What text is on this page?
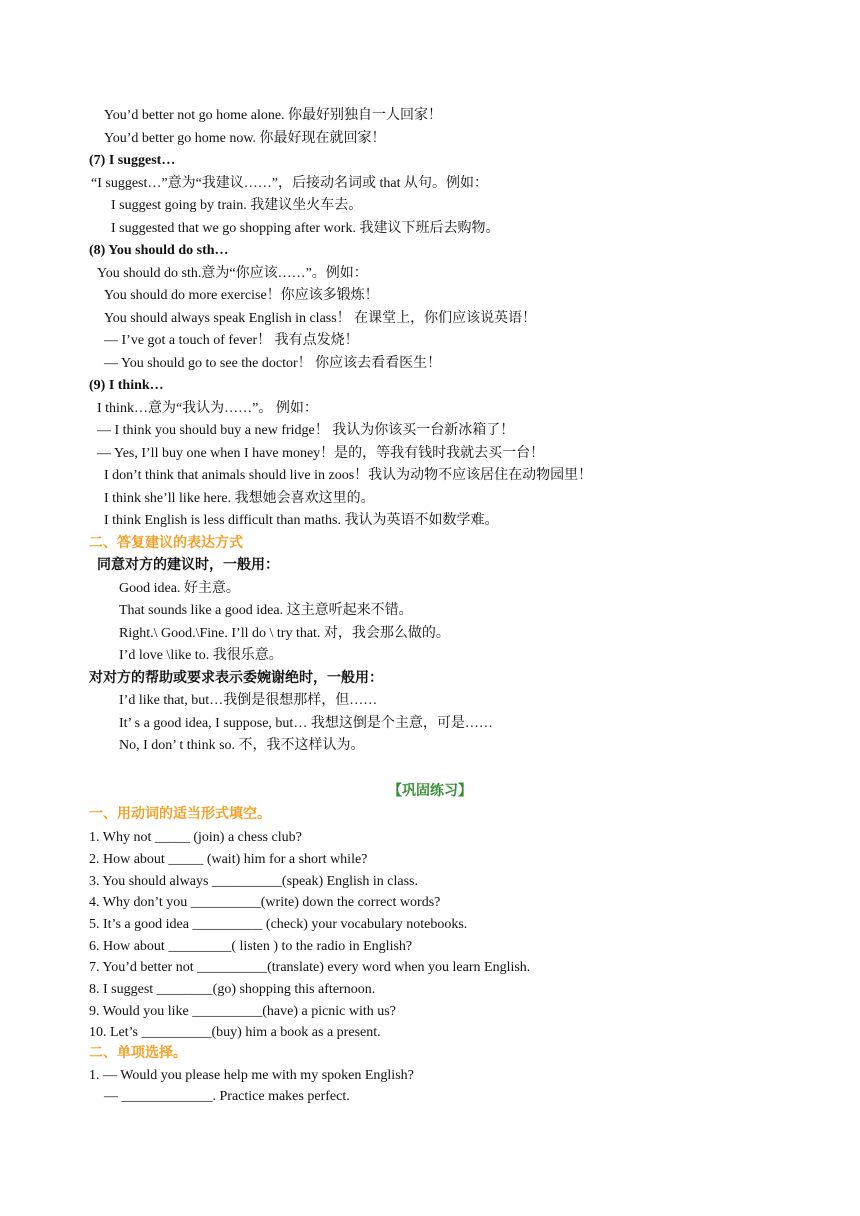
You’d better not go home alone. 你最好别独自一人回家！
You’d better go home now. 你最好现在就回家！
(7) I suggest…
“I suggest…”意为“我建议……”，后接动名词或 that 从句。例如：
I suggest going by train. 我建议坐火车去。
I suggested that we go shopping after work. 我建议下班后去购物。
(8) You should do sth…
You should do sth.意为“你应该……”。例如：
You should do more exercise！你应该多锻炼！
You should always speak English in class！ 在课堂上，你们应该说英语！
— I’ve got a touch of fever！ 我有点发烧！
— You should go to see the doctor！ 你应该去看看医生！
(9) I think…
I think…意为“我认为……”。 例如：
— I think you should buy a new fridge！ 我认为你该买一台新冰箱了！
— Yes, I’ll buy one when I have money！是的，等我有钱时我就去买一台！
I don’t think that animals should live in zoos！我认为动物不应该居住在动物园里！
I think she’ll like here. 我想她会喜欢这里的。
I think English is less difficult than maths. 我认为英语不如数学难。
二、答复建议的表达方式
同意对方的建议时，一般用：
Good idea. 好主意。
That sounds like a good idea. 这主意听起来不错。
Right.\ Good.\Fine. I’ll do \ try that. 对，我会那么做的。
I’d love \like to. 我很乐意。
对对方的帮助或要求表示委婉谢绝时，一般用：
I’d like that, but…我倒是很想那样，但……
It’ s a good idea, I suppose, but… 我想这倒是个主意，可是……
No, I don’ t think so. 不，我不这样认为。
【巩固练习】
一、用动词的适当形式填空。
1. Why not _____ (join) a chess club?
2. How about _____ (wait) him for a short while?
3. You should always __________(speak) English in class.
4. Why don’t you __________(write) down the correct words?
5. It’s a good idea __________ (check) your vocabulary notebooks.
6. How about _________( listen ) to the radio in English?
7. You’d better not __________(translate) every word when you learn English.
8. I suggest ________(go) shopping this afternoon.
9. Would you like __________(have) a picnic with us?
10. Let’s __________(buy) him a book as a present.
二、单项选择。
1. — Would you please help me with my spoken English?
— _____________. Practice makes perfect.
